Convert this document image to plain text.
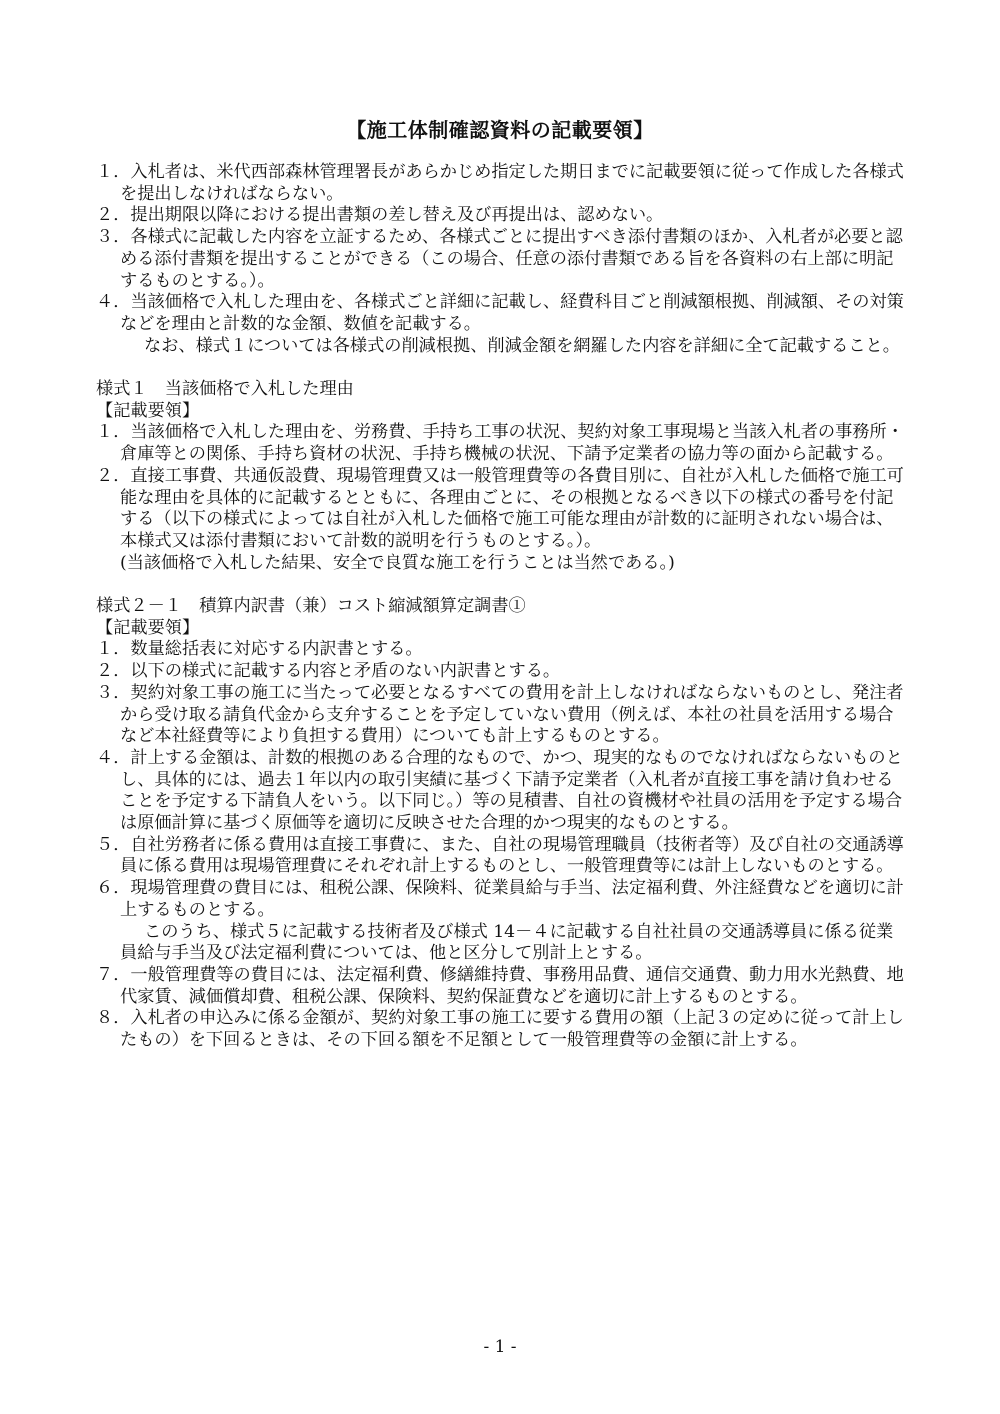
【施工体制確認資料の記載要領】
１．入札者は、米代西部森林管理署長があらかじめ指定した期日までに記載要領に従って作成した各様式を提出しなければならない。
２．提出期限以降における提出書類の差し替え及び再提出は、認めない。
３．各様式に記載した内容を立証するため、各様式ごとに提出すべき添付書類のほか、入札者が必要と認める添付書類を提出することができる（この場合、任意の添付書類である旨を各資料の右上部に明記するものとする。）。
４．当該価格で入札した理由を、各様式ごと詳細に記載し、経費科目ごと削減額根拠、削減額、その対策などを理由と計数的な金額、数値を記載する。
なお、様式１については各様式の削減根拠、削減金額を網羅した内容を詳細に全て記載すること。
様式１　当該価格で入札した理由
【記載要領】
１．当該価格で入札した理由を、労務費、手持ち工事の状況、契約対象工事現場と当該入札者の事務所・倉庫等との関係、手持ち資材の状況、手持ち機械の状況、下請予定業者の協力等の面から記載する。
２．直接工事費、共通仮設費、現場管理費又は一般管理費等の各費目別に、自社が入札した価格で施工可能な理由を具体的に記載するとともに、各理由ごとに、その根拠となるべき以下の様式の番号を付記する（以下の様式によっては自社が入札した価格で施工可能な理由が計数的に証明されない場合は、本様式又は添付書類において計数的説明を行うものとする。）。
(当該価格で入札した結果、安全で良質な施工を行うことは当然である。)
様式２－１　積算内訳書（兼）コスト縮減額算定調書①
【記載要領】
１．数量総括表に対応する内訳書とする。
２．以下の様式に記載する内容と矛盾のない内訳書とする。
３．契約対象工事の施工に当たって必要となるすべての費用を計上しなければならないものとし、発注者から受け取る請負代金から支弁することを予定していない費用（例えば、本社の社員を活用する場合など本社経費等により負担する費用）についても計上するものとする。
４．計上する金額は、計数的根拠のある合理的なもので、かつ、現実的なものでなければならないものとし、具体的には、過去１年以内の取引実績に基づく下請予定業者（入札者が直接工事を請け負わせることを予定する下請負人をいう。以下同じ。）等の見積書、自社の資機材や社員の活用を予定する場合は原価計算に基づく原価等を適切に反映させた合理的かつ現実的なものとする。
５．自社労務者に係る費用は直接工事費に、また、自社の現場管理職員（技術者等）及び自社の交通誘導員に係る費用は現場管理費にそれぞれ計上するものとし、一般管理費等には計上しないものとする。
６．現場管理費の費目には、租税公課、保険料、従業員給与手当、法定福利費、外注経費などを適切に計上するものとする。
このうち、様式５に記載する技術者及び様式 14－４に記載する自社社員の交通誘導員に係る従業員給与手当及び法定福利費については、他と区分して別計上とする。
７．一般管理費等の費目には、法定福利費、修繕維持費、事務用品費、通信交通費、動力用水光熱費、地代家賃、減価償却費、租税公課、保険料、契約保証費などを適切に計上するものとする。
８．入札者の申込みに係る金額が、契約対象工事の施工に要する費用の額（上記３の定めに従って計上したもの）を下回るときは、その下回る額を不足額として一般管理費等の金額に計上する。
- 1 -
